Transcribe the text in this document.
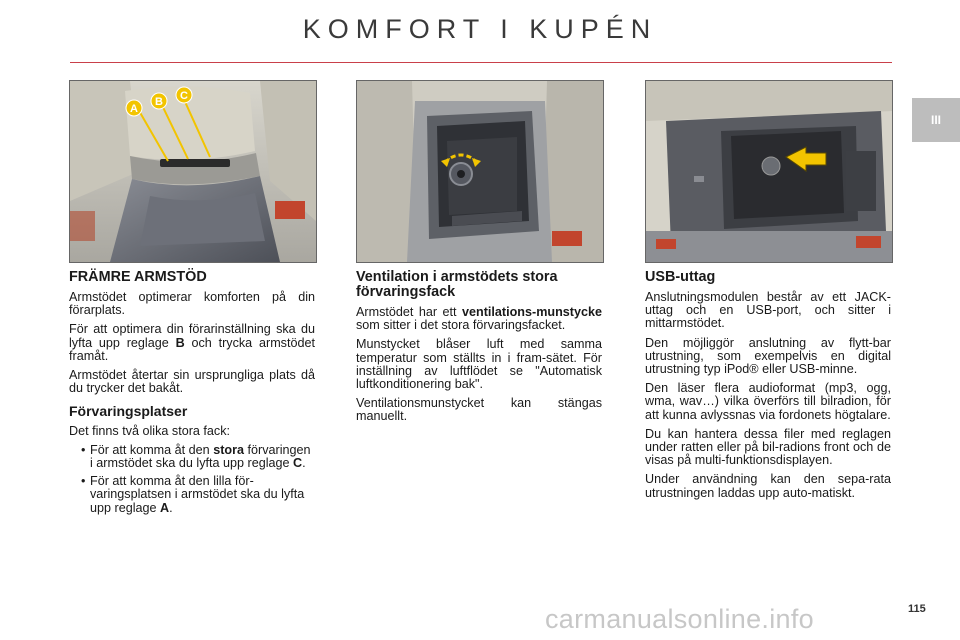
KOMFORT I KUPÉN
III
A
B C
FRÄMRE ARMSTÖD

Armstödet optimerar komforten på din förarplats.

För att optimera din förarinställning ska du lyfta upp reglage B och trycka armstödet framåt.

Armstödet återtar sin ursprungliga plats då du trycker det bakåt.

Förvaringsplatser

Det finns två olika stora fack:

• För att komma åt den stora förvaringen i armstödet ska du lyfta upp reglage C.
• För att komma åt den lilla för-varingsplatsen i armstödet ska du lyfta upp reglage A.
Ventilation i armstödets stora förvaringsfack

Armstödet har ett ventilations-munstycke som sitter i det stora förvaringsfacket.

Munstycket blåser luft med samma temperatur som ställts in i fram-sätet. För inställning av luftflödet se "Automatisk luftkonditionering bak".

Ventilationsmunstycket kan stängas manuellt.

USB-uttag

Anslutningsmodulen består av ett JACK-uttag och en USB-port, och sitter i mittarmstödet.

Den möjliggör anslutning av flytt-bar utrustning, som exempelvis en digital utrustning typ iPod® eller USB-minne.

Den läser flera audioformat (mp3, ogg, wma, wav…) vilka överförs till bilradion, för att kunna avlyssnas via fordonets högtalare.

Du kan hantera dessa filer med reglagen under ratten eller på bil-radions front och de visas på multi-funktionsdisplayen.

Under användning kan den sepa-rata utrustningen laddas upp auto-matiskt.

carmanualsonline.info	115
